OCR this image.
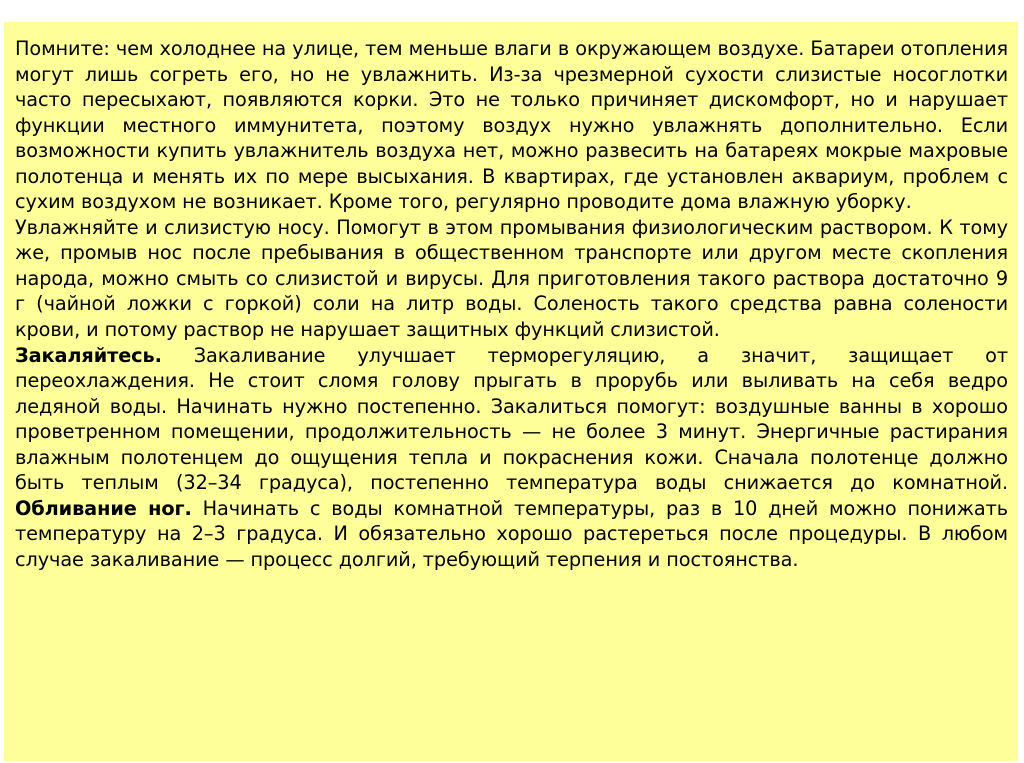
Помните: чем холоднее на улице, тем меньше влаги в окружающем воздухе. Батареи отопления могут лишь согреть его, но не увлажнить. Из-за чрезмерной сухости слизистые носоглотки часто пересыхают, появляются корки. Это не только причиняет дискомфорт, но и нарушает функции местного иммунитета, поэтому воздух нужно увлажнять дополнительно. Если возможности купить увлажнитель воздуха нет, можно развесить на батареях мокрые махровые полотенца и менять их по мере высыхания. В квартирах, где установлен аквариум, проблем с сухим воздухом не возникает. Кроме того, регулярно проводите дома влажную уборку.

Увлажняйте и слизистую носу. Помогут в этом промывания физиологическим раствором. К тому же, промыв нос после пребывания в общественном транспорте или другом месте скопления народа, можно смыть со слизистой и вирусы. Для приготовления такого раствора достаточно 9 г (чайной ложки с горкой) соли на литр воды. Соленость такого средства равна солености крови, и потому раствор не нарушает защитных функций слизистой.

Закаляйтесь. Закаливание улучшает терморегуляцию, а значит, защищает от переохлаждения. Не стоит сломя голову прыгать в прорубь или выливать на себя ведро ледяной воды. Начинать нужно постепенно. Закалиться помогут: воздушные ванны в хорошо проветренном помещении, продолжительность — не более 3 минут. Энергичные растирания влажным полотенцем до ощущения тепла и покраснения кожи. Сначала полотенце должно быть теплым (32–34 градуса), постепенно температура воды снижается до комнатной. Обливание ног. Начинать с воды комнатной температуры, раз в 10 дней можно понижать температуру на 2–3 градуса. И обязательно хорошо растереться после процедуры. В любом случае закаливание — процесс долгий, требующий терпения и постоянства.
